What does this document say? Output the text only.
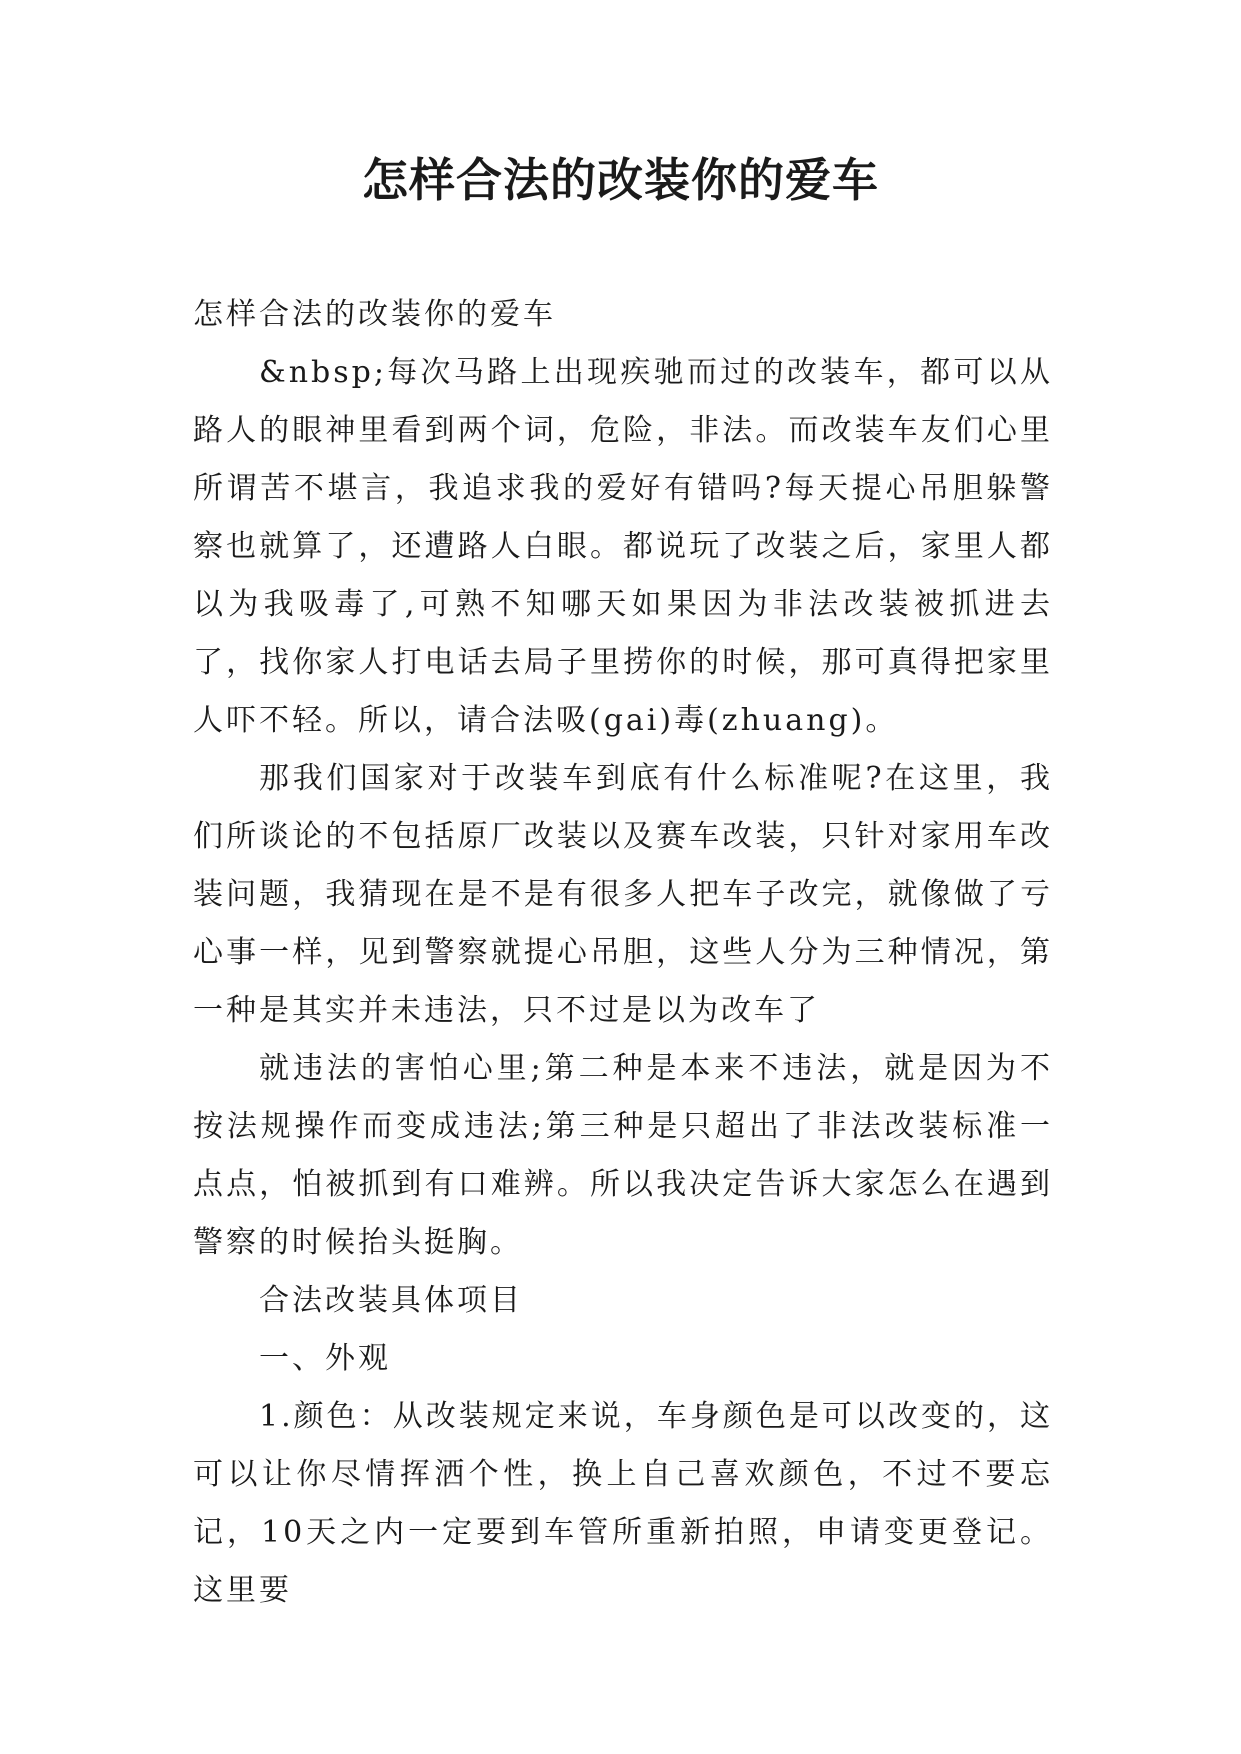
怎样合法的改装你的爱车

怎样合法的改装你的爱车

&nbsp;每次马路上出现疾驰而过的改装车，都可以从路人的眼神里看到两个词，危险，非法。而改装车友们心里所谓苦不堪言，我追求我的爱好有错吗?每天提心吊胆躲警察也就算了，还遭路人白眼。都说玩了改装之后，家里人都以为我吸毒了,可熟不知哪天如果因为非法改装被抓进去了，找你家人打电话去局子里捞你的时候，那可真得把家里人吓不轻。所以，请合法吸(gai)毒(zhuang)。

那我们国家对于改装车到底有什么标准呢?在这里，我们所谈论的不包括原厂改装以及赛车改装，只针对家用车改装问题，我猜现在是不是有很多人把车子改完，就像做了亏心事一样，见到警察就提心吊胆，这些人分为三种情况，第一种是其实并未违法，只不过是以为改车了

就违法的害怕心里;第二种是本来不违法，就是因为不按法规操作而变成违法;第三种是只超出了非法改装标准一点点，怕被抓到有口难辨。所以我决定告诉大家怎么在遇到警察的时候抬头挺胸。

合法改装具体项目

一、外观

1.颜色：从改装规定来说，车身颜色是可以改变的，这可以让你尽情挥洒个性，换上自己喜欢颜色，不过不要忘记，10天之内一定要到车管所重新拍照，申请变更登记。这里要
